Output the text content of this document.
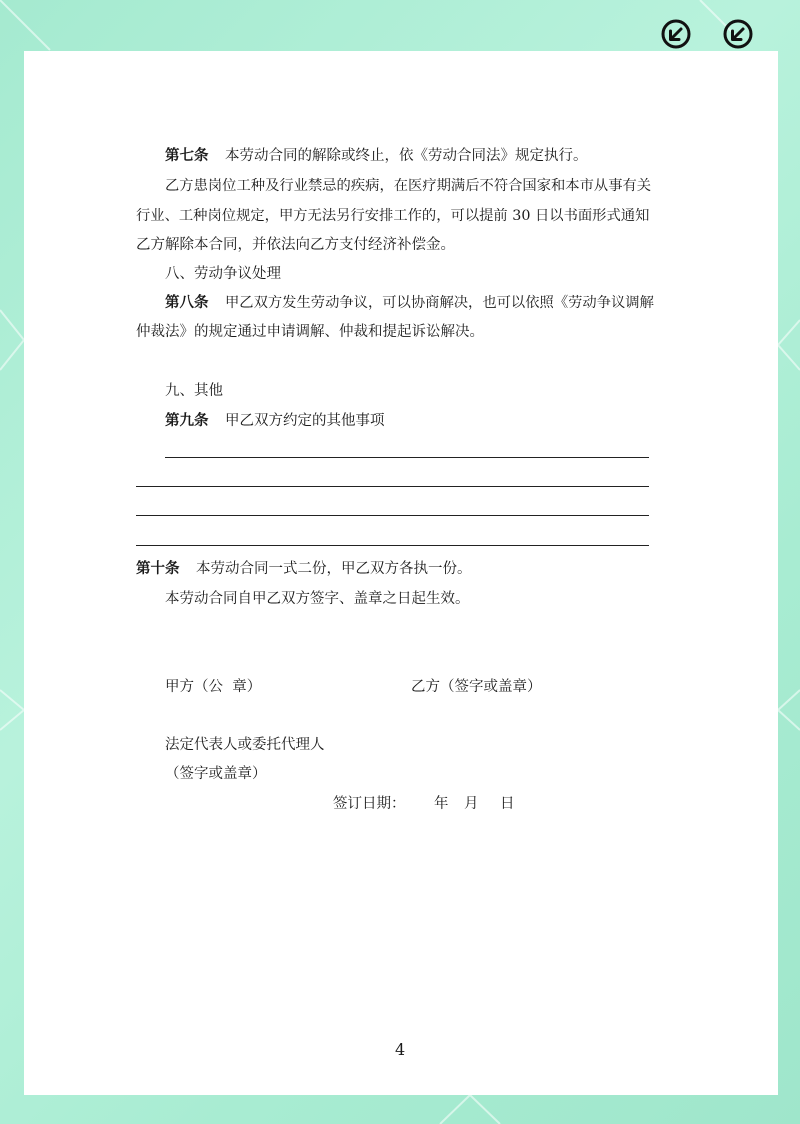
第七条 本劳动合同的解除或终止，依《劳动合同法》规定执行。
乙方患岗位工种及行业禁忌的疾病，在医疗期满后不符合国家和本市从事有关
行业、工种岗位规定，甲方无法另行安排工作的，可以提前 30 日以书面形式通知
乙方解除本合同，并依法向乙方支付经济补偿金。
八、劳动争议处理
第八条 甲乙双方发生劳动争议，可以协商解决，也可以依照《劳动争议调解
仲裁法》的规定通过申请调解、仲裁和提起诉讼解决。
九、其他
第九条 甲乙双方约定的其他事项
第十条 本劳动合同一式二份，甲乙双方各执一份。
本劳动合同自甲乙双方签字、盖章之日起生效。
甲方（公  章）	乙方（签字或盖章）
法定代表人或委托代理人
（签字或盖章）
签订日期： 年 月 日
4
